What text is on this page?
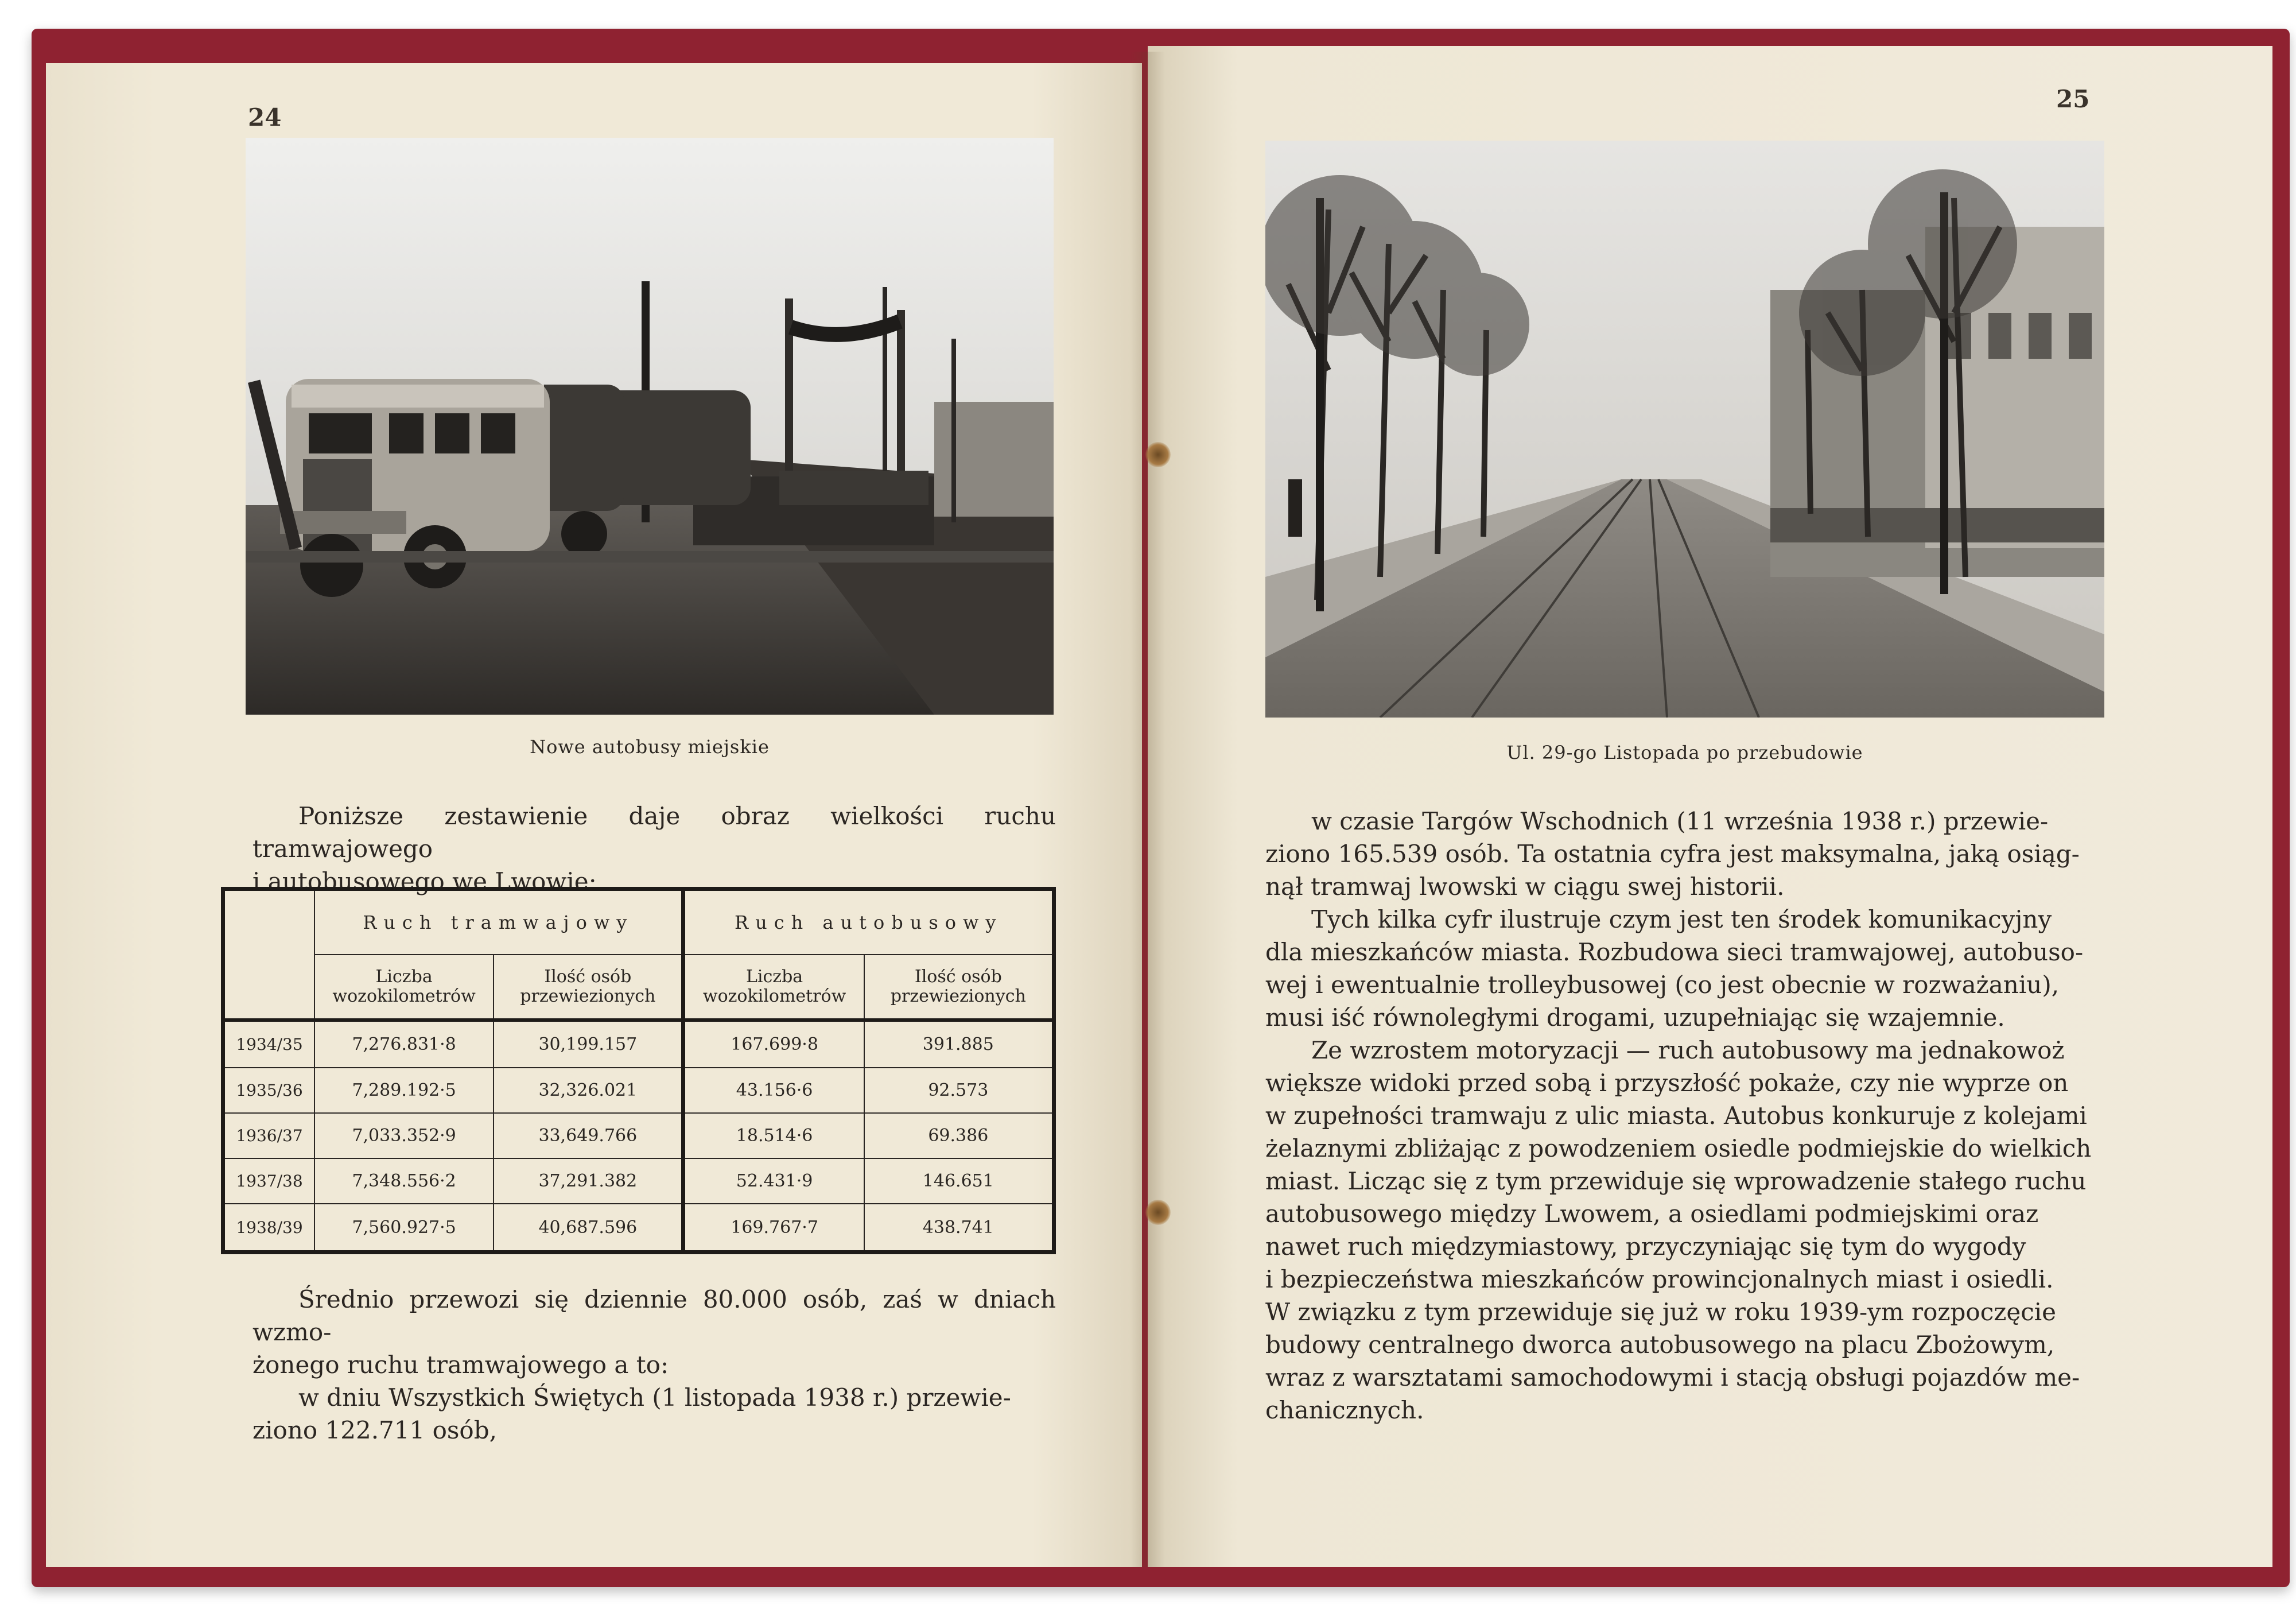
24
Nowe autobusy miejskie

Poniższe zestawienie daje obraz wielkości ruchu tramwajowego

i autobusowego we Lwowie:

	Ruch tramwajowy		Ruch autobusowy	
	Liczba wozokilometrów	Ilość osób przewiezionych	Liczba wozokilometrów	Ilość osób przewiezionych
1934/35	7,276.831·8	30,199.157	167.699·8	391.885
1935/36	7,289.192·5	32,326.021	43.156·6	92.573
1936/37	7,033.352·9	33,649.766	18.514·6	69.386
1937/38	7,348.556·2	37,291.382	52.431·9	146.651
1938/39	7,560.927·5	40,687.596	169.767·7	438.741

Średnio przewozi się dziennie 80.000 osób, zaś w dniach wzmo-

żonego ruchu tramwajowego a to:

w dniu Wszystkich Świętych (1 listopada 1938 r.) przewie-

ziono 122.711 osób,

25
Ul. 29-go Listopada po przebudowie

w czasie Targów Wschodnich (11 września 1938 r.) przewie-

ziono 165.539 osób. Ta ostatnia cyfra jest maksymalna, jaką osiąg-

nął tramwaj lwowski w ciągu swej historii.

Tych kilka cyfr ilustruje czym jest ten środek komunikacyjny

dla mieszkańców miasta. Rozbudowa sieci tramwajowej, autobuso-

wej i ewentualnie trolleybusowej (co jest obecnie w rozważaniu),

musi iść równoległymi drogami, uzupełniając się wzajemnie.

Ze wzrostem motoryzacji — ruch autobusowy ma jednakowoż

większe widoki przed sobą i przyszłość pokaże, czy nie wyprze on

w zupełności tramwaju z ulic miasta. Autobus konkuruje z kolejami

żelaznymi zbliżając z powodzeniem osiedle podmiejskie do wielkich

miast. Licząc się z tym przewiduje się wprowadzenie stałego ruchu

autobusowego między Lwowem, a osiedlami podmiejskimi oraz

nawet ruch międzymiastowy, przyczyniając się tym do wygody

i bezpieczeństwa mieszkańców prowincjonalnych miast i osiedli.

W związku z tym przewiduje się już w roku 1939-ym rozpoczęcie

budowy centralnego dworca autobusowego na placu Zbożowym,

wraz z warsztatami samochodowymi i stacją obsługi pojazdów me-

chanicznych.
